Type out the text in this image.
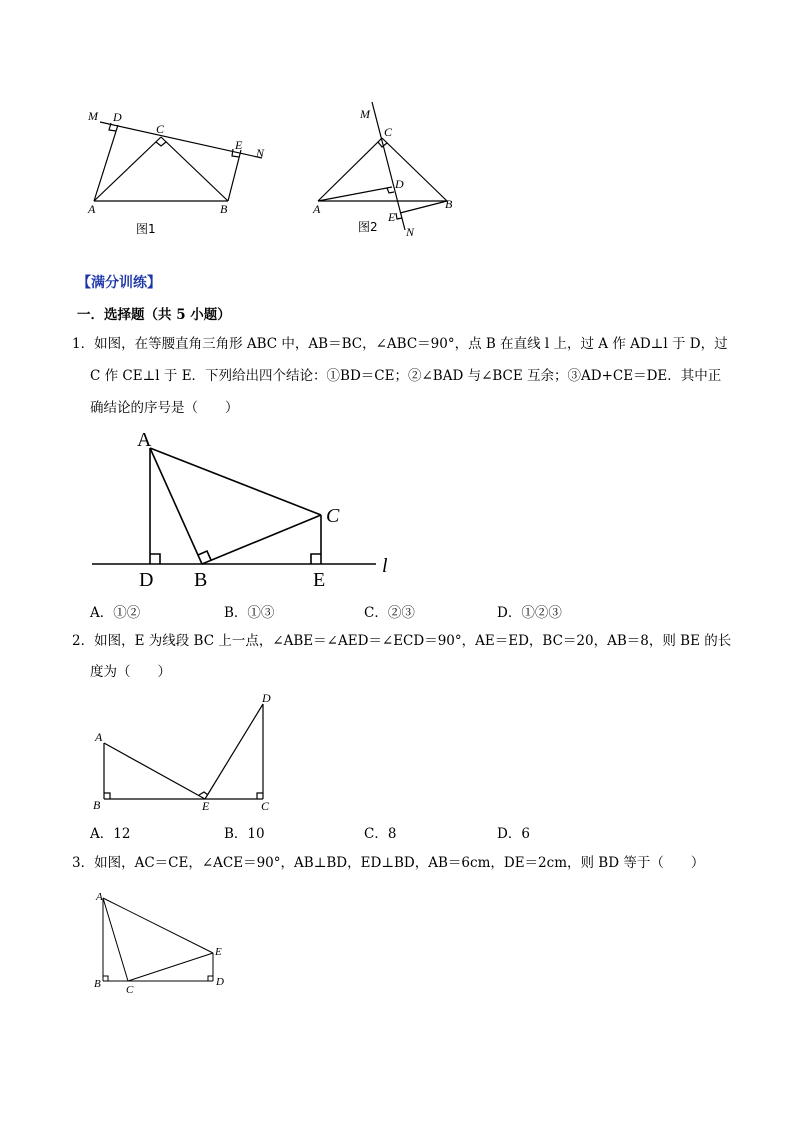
M D
C
E
N
A	B
图1
M
C
D
A	B
E
N
图2
【满分训练】
一．选择题（共 5 小题）
1．如图，在等腰直角三角形 ABC 中，AB＝BC，∠ABC＝90°，点 B 在直线 l 上，过 A 作 AD⊥l 于 D，过
C 作 CE⊥l 于 E．下列给出四个结论：①BD＝CE；②∠BAD 与∠BCE 互余；③AD+CE＝DE．其中正
确结论的序号是（　　）
A
C
D B	E
l
A．①②	B．①③	C．②③	D．①②③
2．如图，E 为线段 BC 上一点，∠ABE＝∠AED＝∠ECD＝90°，AE＝ED，BC＝20，AB＝8，则 BE 的长
度为（　　）
D
A
B	E	C
A．12	B．10	C．8	D．6
3．如图，AC＝CE，∠ACE＝90°，AB⊥BD，ED⊥BD，AB＝6cm，DE＝2cm，则 BD 等于（　　）
A
E
B C
D
